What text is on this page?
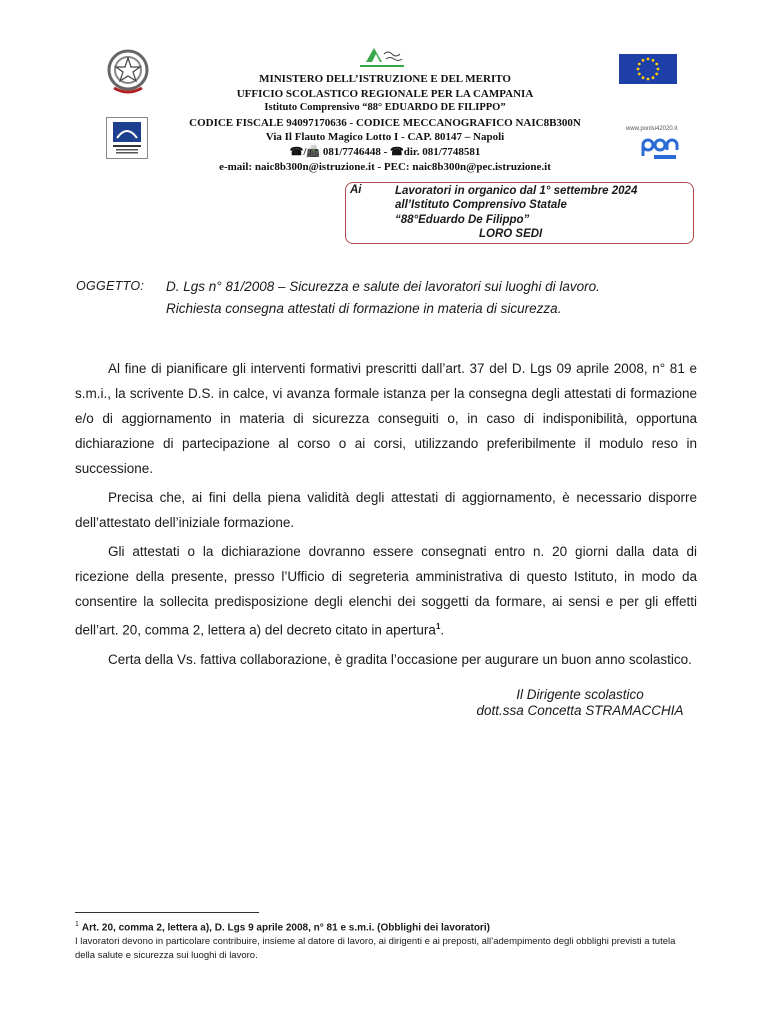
www.ponlsi42020.it
MINISTERO DELL’ISTRUZIONE E DEL MERITO
UFFICIO SCOLASTICO REGIONALE PER LA CAMPANIA
Istituto Comprensivo “88° EDUARDO DE FILIPPO”
CODICE FISCALE 94097170636 - CODICE MECCANOGRAFICO NAIC8B300N
Via Il Flauto Magico Lotto I - CAP. 80147 – Napoli
☎/📠 081/7746448 - ☎dir. 081/7748581
e-mail: naic8b300n@istruzione.it - PEC: naic8b300n@pec.istruzione.it
Ai	Lavoratori in organico dal 1° settembre 2024
all’Istituto Comprensivo Statale
“88°Eduardo De Filippo”
LORO SEDI
OGGETTO: D. Lgs n° 81/2008 – Sicurezza e salute dei lavoratori sui luoghi di lavoro.
Richiesta consegna attestati di formazione in materia di sicurezza.

Al fine di pianificare gli interventi formativi prescritti dall’art. 37 del D. Lgs 09 aprile 2008, n° 81 e s.m.i., la scrivente D.S. in calce, vi avanza formale istanza per la consegna degli attestati di formazione e/o di aggiornamento in materia di sicurezza conseguiti o, in caso di indisponibilità, opportuna dichiarazione di partecipazione al corso o ai corsi, utilizzando preferibilmente il modulo reso in successione.

Precisa che, ai fini della piena validità degli attestati di aggiornamento, è necessario disporre dell’attestato dell’iniziale formazione.

Gli attestati o la dichiarazione dovranno essere consegnati entro n. 20 giorni dalla data di ricezione della presente, presso l’Ufficio di segreteria amministrativa di questo Istituto, in modo da consentire la sollecita predisposizione degli elenchi dei soggetti da formare, ai sensi e per gli effetti dell’art. 20, comma 2, lettera a) del decreto citato in apertura$^1$.

Certa della Vs. fattiva collaborazione, è gradita l’occasione per augurare un buon anno scolastico.

Il Dirigente scolastico
dott.ssa Concetta STRAMACCHIA
$^1$ Art. 20, comma 2, lettera a), D. Lgs 9 aprile 2008, n° 81 e s.m.i. (Obblighi dei lavoratori)
I lavoratori devono in particolare contribuire, insieme al datore di lavoro, ai dirigenti e ai preposti, all’adempimento degli obblighi previsti a tutela della salute e sicurezza sui luoghi di lavoro.
